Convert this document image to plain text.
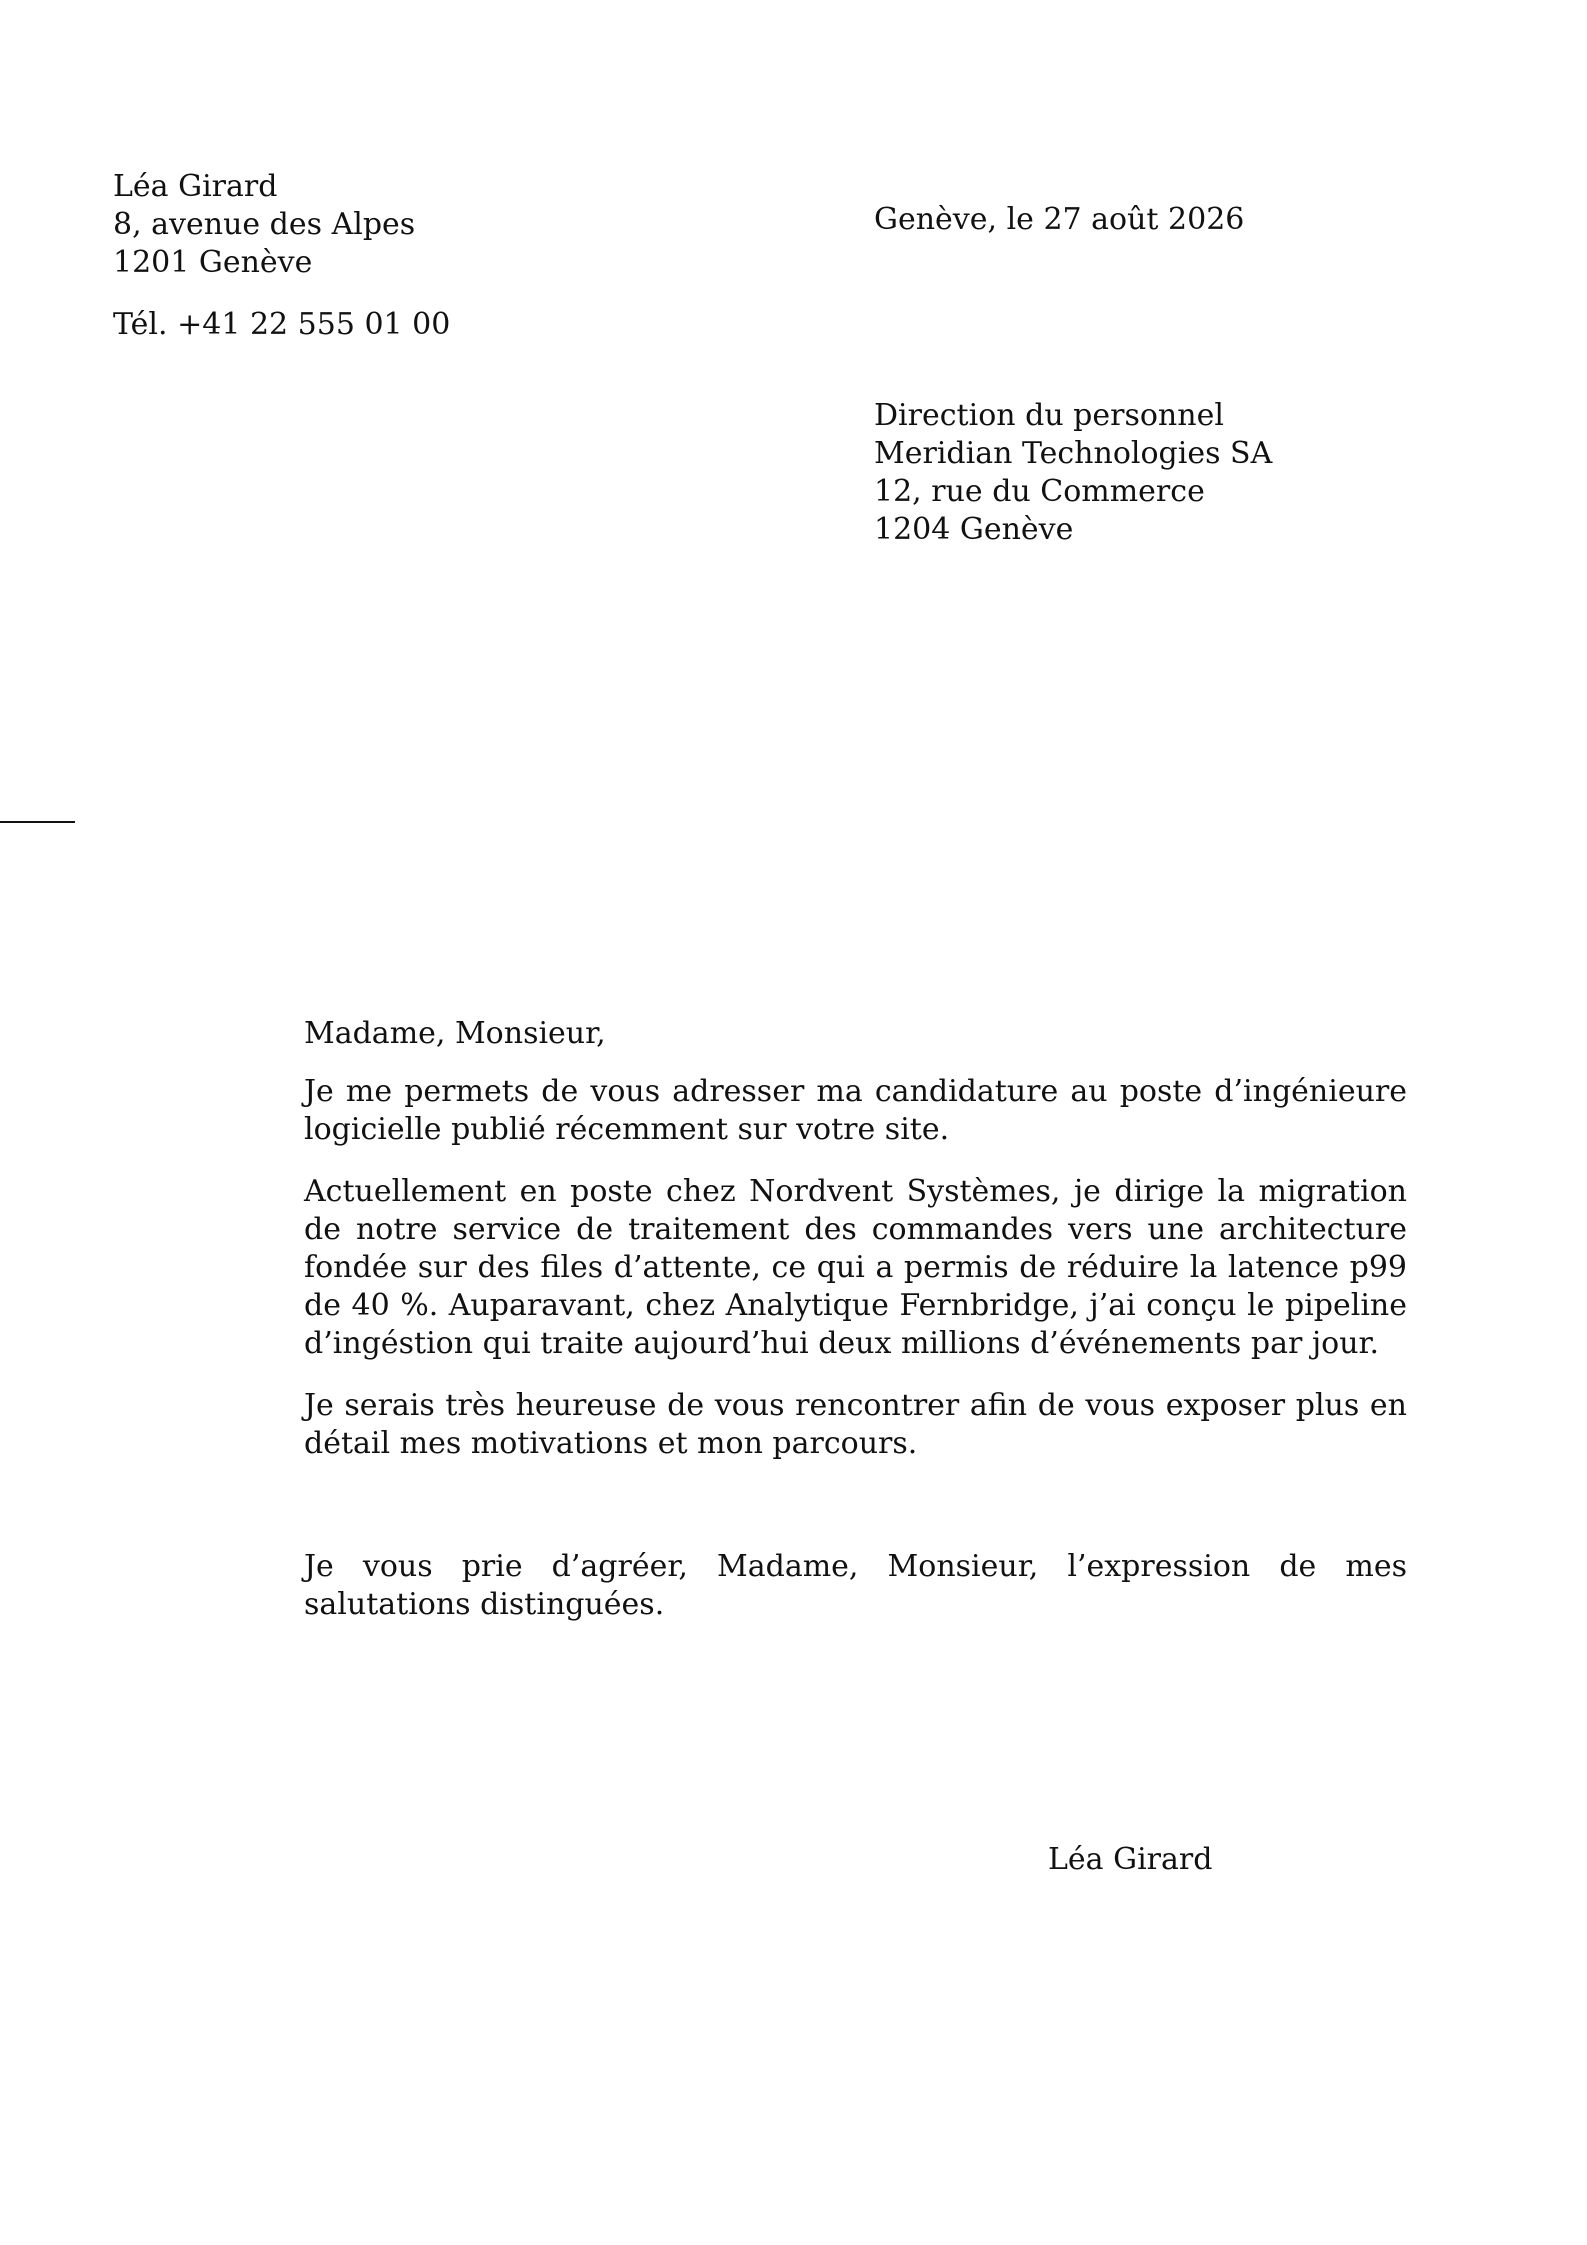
Léa Girard
8, avenue des Alpes
1201 Genève
Tél. +41 22 555 01 00
Genève, le 27 août 2026
Direction du personnel
Meridian Technologies SA
12, rue du Commerce
1204 Genève
Madame, Monsieur,

Je me permets de vous adresser ma candidature au poste d’ingénieure logicielle publié récemment sur votre site.

Actuellement en poste chez Nordvent Systèmes, je dirige la migration de notre service de traitement des commandes vers une architecture fondée sur des files d’attente, ce qui a permis de réduire la latence p99 de 40 %. Auparavant, chez Analytique Fernbridge, j’ai conçu le pipeline d’ingéstion qui traite aujourd’hui deux millions d’événements par jour.

Je serais très heureuse de vous rencontrer afin de vous exposer plus en détail mes motivations et mon parcours.

Je vous prie d’agréer, Madame, Monsieur, l’expression de mes salutations distinguées.

Léa Girard
